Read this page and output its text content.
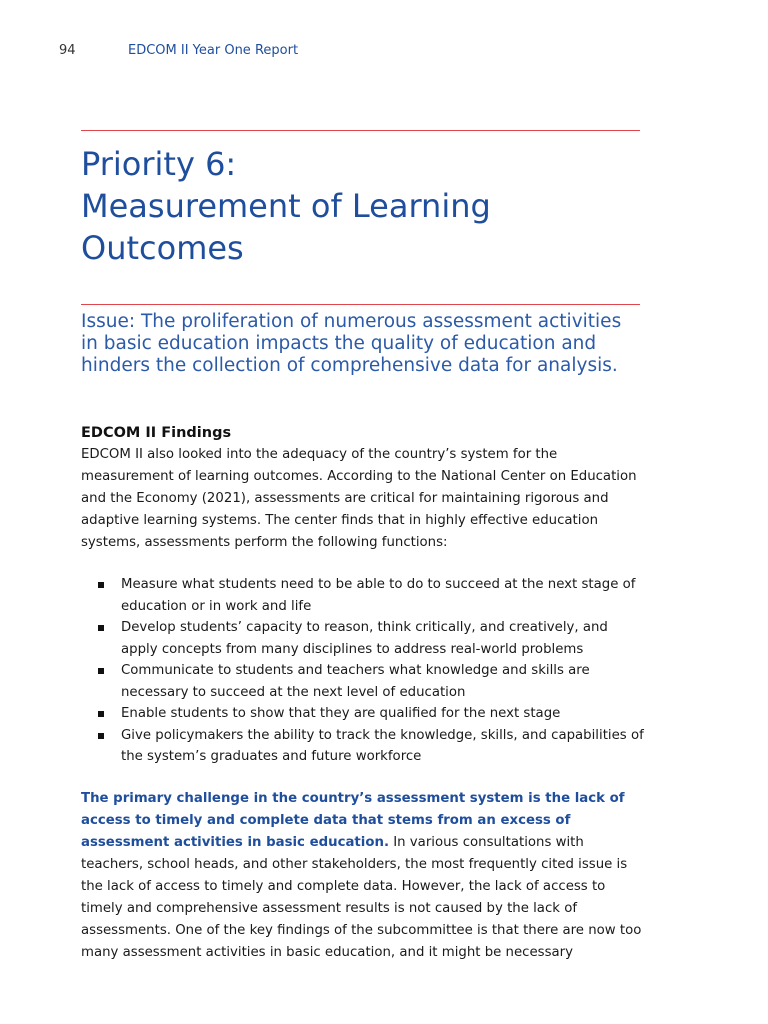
94	EDCOM II Year One Report
Priority 6:
Measurement of Learning
Outcomes
Issue: The proliferation of numerous assessment activities in basic education impacts the quality of education and hinders the collection of comprehensive data for analysis.
EDCOM II Findings

EDCOM II also looked into the adequacy of the country’s system for the measurement of learning outcomes. According to the National Center on Education and the Economy (2021), assessments are critical for maintaining rigorous and adaptive learning systems. The center finds that in highly effective education systems, assessments perform the following functions:

Measure what students need to be able to do to succeed at the next stage of education or in work and life
Develop students’ capacity to reason, think critically, and creatively, and apply concepts from many disciplines to address real-world problems
Communicate to students and teachers what knowledge and skills are necessary to succeed at the next level of education
Enable students to show that they are qualified for the next stage
Give policymakers the ability to track the knowledge, skills, and capabilities of the system’s graduates and future workforce

The primary challenge in the country’s assessment system is the lack of access to timely and complete data that stems from an excess of assessment activities in basic education. In various consultations with teachers, school heads, and other stakeholders, the most frequently cited issue is the lack of access to timely and complete data. However, the lack of access to timely and comprehensive assessment results is not caused by the lack of assessments. One of the key findings of the subcommittee is that there are now too many assessment activities in basic education, and it might be necessary
